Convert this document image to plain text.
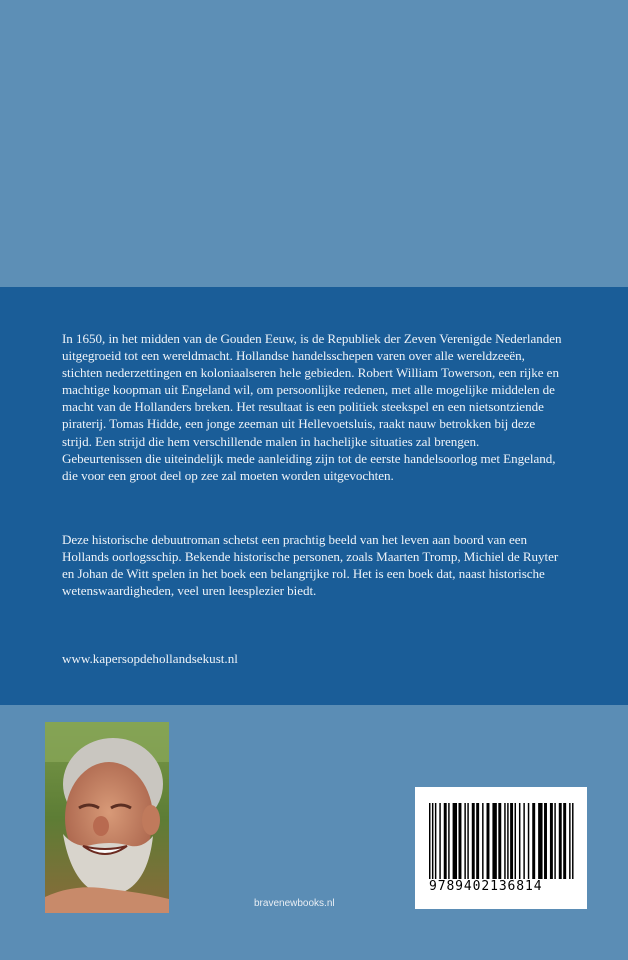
In 1650, in het midden van de Gouden Eeuw, is de Republiek der Zeven Verenigde Nederlanden uitgegroeid tot een wereldmacht. Hollandse handelsschepen varen over alle wereldzeeën, stichten nederzettingen en koloniaalseren hele gebieden. Robert William Towerson, een rijke en machtige koopman uit Engeland wil, om persoonlijke redenen, met alle mogelijke middelen de macht van de Hollanders breken. Het resultaat is een politiek steekspel en een nietsontziende piraterij. Tomas Hidde, een jonge zeeman uit Hellevoetsluis, raakt nauw betrokken bij deze strijd. Een strijd die hem verschillende malen in hachelijke situaties zal brengen. Gebeurtenissen die uiteindelijk mede aanleiding zijn tot de eerste handelsoorlog met Engeland, die voor een groot deel op zee zal moeten worden uitgevochten.

Deze historische debuutroman schetst een prachtig beeld van het leven aan boord van een Hollands oorlogsschip. Bekende historische personen, zoals Maarten Tromp, Michiel de Ruyter en Johan de Witt spelen in het boek een belangrijke rol. Het is een boek dat, naast historische wetenswaardigheden, veel uren leesplezier biedt.

www.kapersopdehollandsekust.nl
bravenewbooks.nl
9789402136814
